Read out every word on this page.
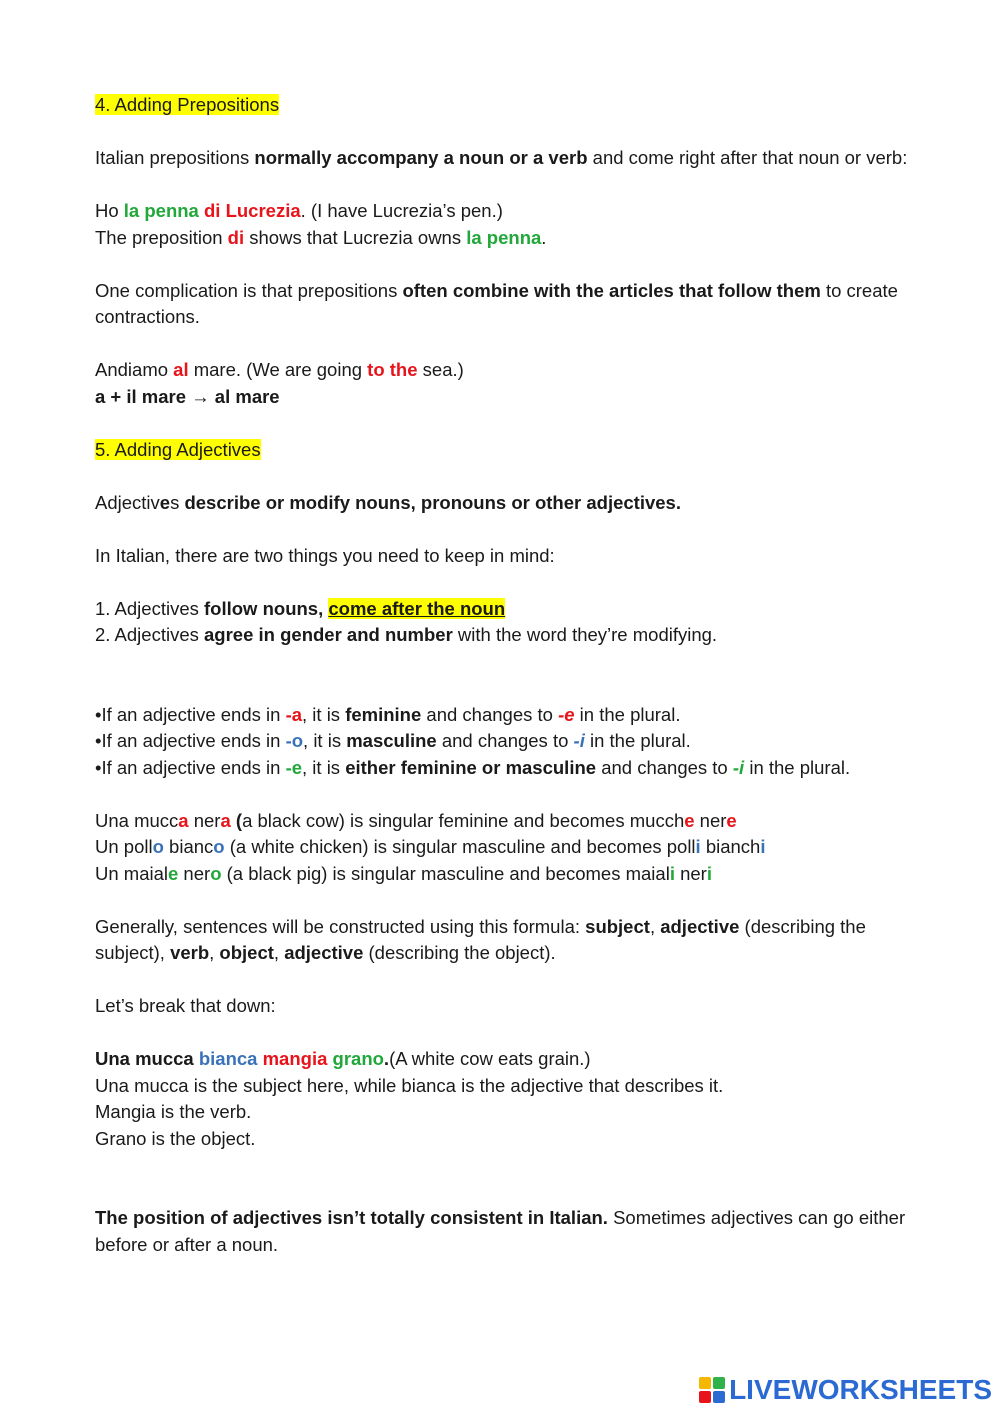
4. Adding Prepositions

Italian prepositions normally accompany a noun or a verb and come right after that noun or verb:

Ho la penna di Lucrezia. (I have Lucrezia’s pen.)

The preposition di shows that Lucrezia owns la penna.

One complication is that prepositions often combine with the articles that follow them to create contractions.

Andiamo al mare. (We are going to the sea.)

a + il mare → al mare

5. Adding Adjectives

Adjectives describe or modify nouns, pronouns or other adjectives.

In Italian, there are two things you need to keep in mind:

1. Adjectives follow nouns, come after the noun

2. Adjectives agree in gender and number with the word they’re modifying.

•If an adjective ends in -a, it is feminine and changes to -e in the plural.

•If an adjective ends in -o, it is masculine and changes to -i in the plural.

•If an adjective ends in -e, it is either feminine or masculine and changes to -i in the plural.

Una mucca nera (a black cow) is singular feminine and becomes mucche nere

Un pollo bianco (a white chicken) is singular masculine and becomes polli bianchi

Un maiale nero (a black pig) is singular masculine and becomes maiali neri

Generally, sentences will be constructed using this formula: subject, adjective (describing the subject), verb, object, adjective (describing the object).

Let’s break that down:

Una mucca bianca mangia grano.(A white cow eats grain.)

Una mucca is the subject here, while bianca is the adjective that describes it.

Mangia is the verb.

Grano is the object.

The position of adjectives isn’t totally consistent in Italian. Sometimes adjectives can go either before or after a noun.

LIVEWORKSHEETS
